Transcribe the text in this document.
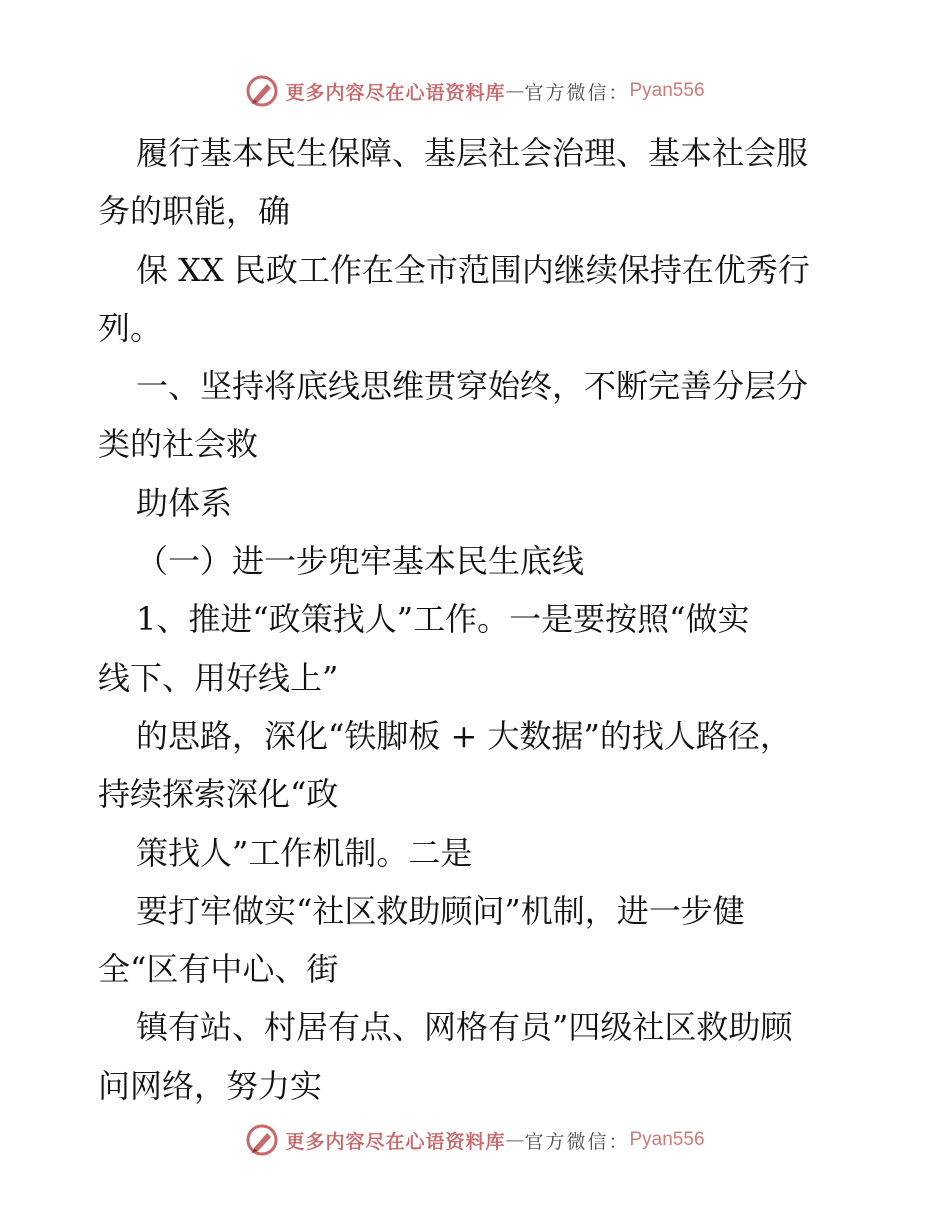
更多内容尽在心语资料库 — 官方微信： Pyan556
履行基本民生保障、基层社会治理、基本社会服
务的职能，确
保 XX 民政工作在全市范围内继续保持在优秀行
列。
一、坚持将底线思维贯穿始终，不断完善分层分
类的社会救
助体系
（一）进一步兜牢基本民生底线
1、推进“政策找人”工作。一是要按照“做实
线下、用好线上”
的思路，深化“铁脚板 + 大数据”的找人路径，
持续探索深化“政
策找人”工作机制。二是
要打牢做实“社区救助顾问”机制，进一步健
全“区有中心、街
镇有站、村居有点、网格有员”四级社区救助顾
问网络，努力实
更多内容尽在心语资料库 — 官方微信： Pyan556
